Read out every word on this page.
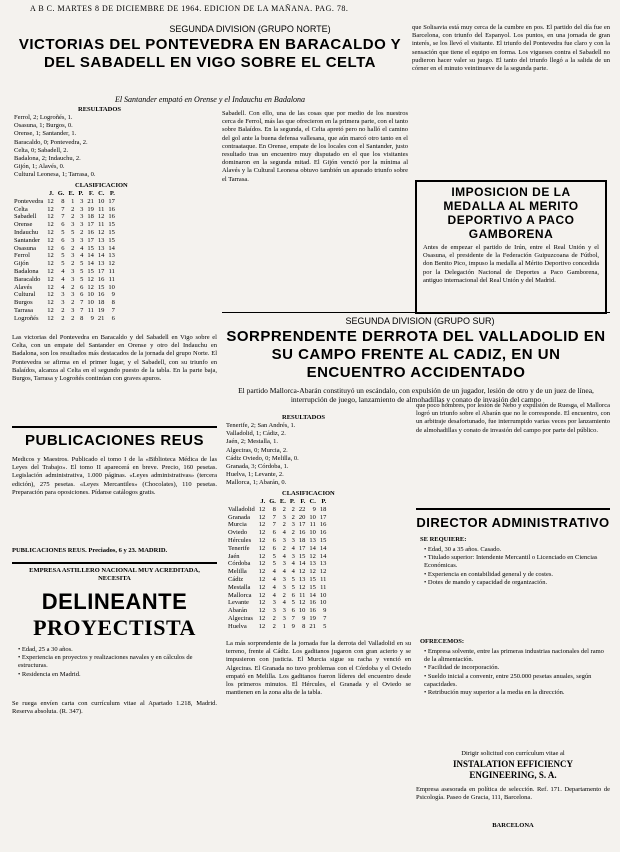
A B C. MARTES 8 DE DICIEMBRE DE 1964. EDICION DE LA MAÑANA. PAG. 78.
SEGUNDA DIVISION (GRUPO NORTE)
VICTORIAS DEL PONTEVEDRA EN BARACALDO Y DEL SABADELL EN VIGO SOBRE EL CELTA
El Santander empató en Orense y el Indauchu en Badalona
RESULTADOS
Ferrol, 2; Logroñés, 1.
Osasuna, 1; Burgos, 0.
Orense, 1; Santander, 1.
Baracaldo, 0; Pontevedra, 2.
Celta, 0; Sabadell, 2.
Badalona, 2; Indauchu, 2.
Gijón, 1; Alavés, 0.
Cultural Leonesa, 1; Tarrasa, 0.
CLASIFICACION
	J.	G.	E.	P.	F.	C.	P.
Pontevedra	12	8	1	3	21	10	17
Celta	12	7	2	3	19	11	16
Sabadell	12	7	2	3	18	12	16
Orense	12	6	3	3	17	11	15
Indauchu	12	5	5	2	16	12	15
Santander	12	6	3	3	17	13	15
Osasuna	12	6	2	4	15	13	14
Ferrol	12	5	3	4	14	14	13
Gijón	12	5	2	5	14	13	12
Badalona	12	4	3	5	15	17	11
Baracaldo	12	4	3	5	12	16	11
Alavés	12	4	2	6	12	15	10
Cultural	12	3	3	6	10	16	9
Burgos	12	3	2	7	10	18	8
Tarrasa	12	2	3	7	11	19	7
Logroñés	12	2	2	8	9	21	6
Las victorias del Pontevedra en Baracaldo y del Sabadell en Vigo sobre el Celta, con un empate del Santander en Orense y otro del Indauchu en Badalona, son los resultados más destacados de la jornada del grupo Norte. El Pontevedra se afirma en el primer lugar, y el Sabadell, con su triunfo en Balaídos, alcanza al Celta en el segundo puesto de la tabla. En la parte baja, Burgos, Tarrasa y Logroñés continúan con graves apuros.
Sabadell. Con ello, una de las cosas que por medio de los nuestros cerca de Ferrol, más las que ofrecieron en la primera parte, con el tanto sobre Balaídos. En la segunda, el Celta apretó pero no halló el camino del gol ante la buena defensa vallesana, que aún marcó otro tanto en el contraataque. En Orense, empate de los locales con el Santander, justo resultado tras un encuentro muy disputado en el que los visitantes dominaron en la segunda mitad. El Gijón venció por la mínima al Alavés y la Cultural Leonesa obtuvo también un apurado triunfo sobre el Tarrasa.
PUBLICACIONES REUS
Medicos y Maestros. Publicado el tomo I de la «Biblioteca Médica de las Leyes del Trabajo». El tomo II aparecerá en breve. Precio, 160 pesetas. Legislación administrativa, 1.000 páginas. «Leyes administrativas» (tercera edición), 275 pesetas. «Leyes Mercantiles» (Chocolates), 110 pesetas. Preparación para oposiciones. Pídanse catálogos gratis.
PUBLICACIONES REUS. Preciados, 6 y 23. MADRID.
EMPRESA ASTILLERO NACIONAL MUY ACREDITADA, NECESITA
DELINEANTE
PROYECTISTA
• Edad, 25 a 30 años.
• Experiencia en proyectos y realizaciones navales y en cálculos de estructuras.
• Residencia en Madrid.
Se ruega envíen carta con currículum vitae al Apartado 1.218, Madrid. Reserva absoluta. (R. 347).
que Solisavia está muy cerca de la cumbre en pos. El partido del día fue en Barcelona, con triunfo del Espanyol. Los puntos, en una jornada de gran interés, se los llevó el visitante. El triunfo del Pontevedra fue claro y con la sensación que tiene el equipo en forma. Los vigueses contra el Sabadell no pudieron hacer valer su juego. El tanto del triunfo llegó a la salida de un córner en el minuto veintinueve de la segunda parte.
IMPOSICION DE LA MEDALLA AL MERITO DEPORTIVO A PACO GAMBORENA
Antes de empezar el partido de Irún, entre el Real Unión y el Osasuna, el presidente de la Federación Guipuzcoana de Fútbol, don Benito Pico, impuso la medalla al Mérito Deportivo concedida por la Delegación Nacional de Deportes a Paco Gamborena, antiguo internacional del Real Unión y del Madrid.
SEGUNDA DIVISION (GRUPO SUR)
SORPRENDENTE DERROTA DEL VALLADOLID EN SU CAMPO FRENTE AL CADIZ, EN UN ENCUENTRO ACCIDENTADO
El partido Mallorca-Abarán constituyó un escándalo, con expulsión de un jugador, lesión de otro y de un juez de línea, interrupción de juego, lanzamiento de almohadillas y conato de invasión del campo
RESULTADOS
Tenerife, 2; San Andrés, 1.
Valladolid, 1; Cádiz, 2.
Jaén, 2; Mestalla, 1.
Algeciras, 0; Murcia, 2.
Cádiz Oviedo, 0; Melilla, 0.
Granada, 3; Córdoba, 1.
Huelva, 1; Levante, 2.
Mallorca, 1; Abarán, 0.
CLASIFICACION
	J.	G.	E.	P.	F.	C.	P.
Valladolid	12	8	2	2	22	9	18
Granada	12	7	3	2	20	10	17
Murcia	12	7	2	3	17	11	16
Oviedo	12	6	4	2	16	10	16
Hércules	12	6	3	3	18	13	15
Tenerife	12	6	2	4	17	14	14
Jaén	12	5	4	3	15	12	14
Córdoba	12	5	3	4	14	13	13
Melilla	12	4	4	4	12	12	12
Cádiz	12	4	3	5	13	15	11
Mestalla	12	4	3	5	12	15	11
Mallorca	12	4	2	6	11	14	10
Levante	12	3	4	5	12	16	10
Abarán	12	3	3	6	10	16	9
Algeciras	12	2	3	7	9	19	7
Huelva	12	2	1	9	8	21	5
La más sorprendente de la jornada fue la derrota del Valladolid en su terreno, frente al Cádiz. Los gaditanos jugaron con gran acierto y se impusieron con justicia. El Murcia sigue su racha y venció en Algeciras. El Granada no tuvo problemas con el Córdoba y el Oviedo empató en Melilla. Los gaditanos fueron líderes del encuentro desde los primeros minutos. El Hércules, el Granada y el Oviedo se mantienen en la zona alta de la tabla.
que poco hombres, por lesión de Nebo y expulsión de Ruesga, el Mallorca logró un triunfo sobre el Abarán que no le corresponde. El encuentro, con un arbitraje desafortunado, fue interrumpido varias veces por lanzamiento de almohadillas y conato de invasión del campo por parte del público.
DIRECTOR ADMINISTRATIVO
SE REQUIERE:
• Edad, 30 a 35 años. Casado.
• Titulado superior: Intendente Mercantil o Licenciado en Ciencias Económicas.
• Experiencia en contabilidad general y de costes.
• Dotes de mando y capacidad de organización.
OFRECEMOS:
• Empresa solvente, entre las primeras industrias nacionales del ramo de la alimentación.
• Facilidad de incorporación.
• Sueldo inicial a convenir, entre 250.000 pesetas anuales, según capacidades.
• Retribución muy superior a la media en la dirección.
Dirigir solicitud con currículum vitae al
INSTALATION EFFICIENCY
ENGINEERING, S. A.
Empresa asesorada en política de selección. Ref. 171. Departamento de Psicología. Paseo de Gracia, 111, Barcelona.
BARCELONA
